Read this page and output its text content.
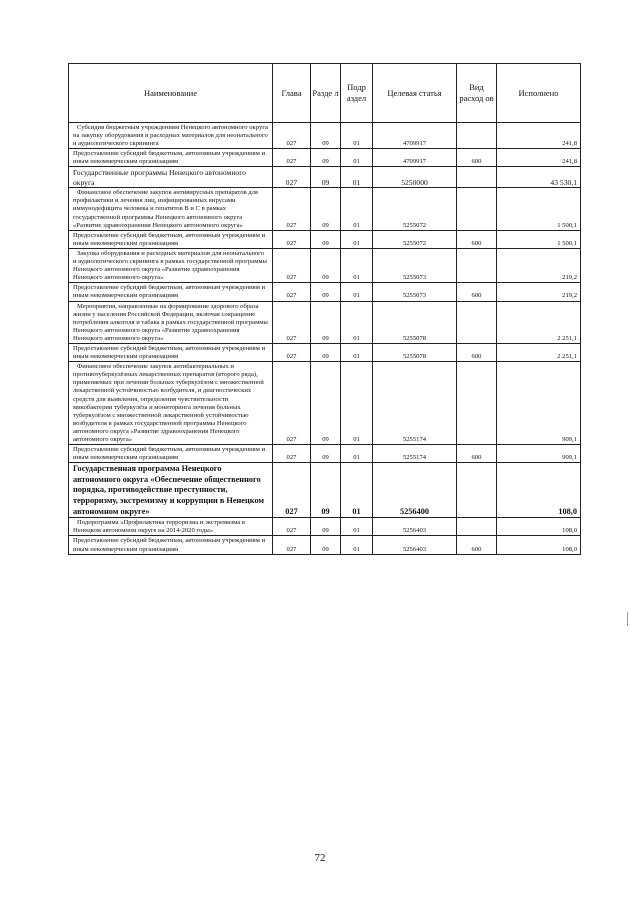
Наименование	Глава	Разде л	Подр аздел	Целевая статья	Вид расход ов	Исполнено
Субсидия бюджетным учреждениям Ненецкого автономного округа на закупку оборудования и расходных материалов для неонатального и аудиологического скрининга	027	09	01	4709917		241,8
Предоставление субсидий бюджетным, автономным учреждениям и иным некоммерческим организациям	027	09	01	4709917	600	241,8
Государственные программы Ненецкого автономного округа	027	09	01	5250000		43 530,1
Финансовое обеспечение закупок антивирусных препаратов для профилактики и лечения лиц, инфицированных вирусами иммунодефицита человека и гепатитов В и С в рамках государственной программы Ненецкого автономного округа «Развитие здравоохранения Ненецкого автономного округа»	027	09	01	5255072		1 500,1
Предоставление субсидий бюджетным, автономным учреждениям и иным некоммерческим организациям	027	09	01	5255072	600	1 500,1
Закупка оборудования и расходных материалов для неонатального и аудиологического скрининга в рамках государственной программы Ненецкого автономного округа «Развитие здравоохранения Ненецкого автономного округа»	027	09	01	5255073		219,2
Предоставление субсидий бюджетным, автономным учреждениям и иным некоммерческим организациям	027	09	01	5255073	600	219,2
Мероприятия, направленные на формирование здорового образа жизни у населения Российской Федерации, включая сокращение потребления алкоголя и табака в рамках государственной программы Ненецкого автономного округа «Развитие здравоохранения Ненецкого автономного округа»	027	09	01	5255078		2 251,1
Предоставление субсидий бюджетным, автономным учреждениям и иным некоммерческим организациям	027	09	01	5255078	600	2 251,1
Финансовое обеспечение закупок антибактериальных и противотуберкулёзных лекарственных препаратов (второго ряда), применяемых при лечении больных туберкулёзом с множественной лекарственной устойчивостью возбудителя, и диагностических средств для выявления, определения чувствительности микобактерии туберкулёза и мониторинга лечения больных туберкулёзом с множественной лекарственной устойчивостью возбудителя в рамках государственной программы Ненецкого автономного округа «Развитие здравоохранения Ненецкого автономного округа»	027	09	01	5255174		909,1
Предоставление субсидий бюджетным, автономным учреждениям и иным некоммерческим организациям	027	09	01	5255174	600	909,1
Государственная программа Ненецкого автономного округа «Обеспечение общественного порядка, противодействие преступности, терроризму, экстремизму и коррупции в Ненецком автономном округе»	027	09	01	5256400		108,0
Подпрограмма «Профилактика терроризма и экстремизма в Ненецком автономном округе на 2014-2020 годы»	027	09	01	5256403		108,0
Предоставление субсидий бюджетным, автономным учреждениям и иным некоммерческим организациям	027	09	01	5256403	600	108,0
72
